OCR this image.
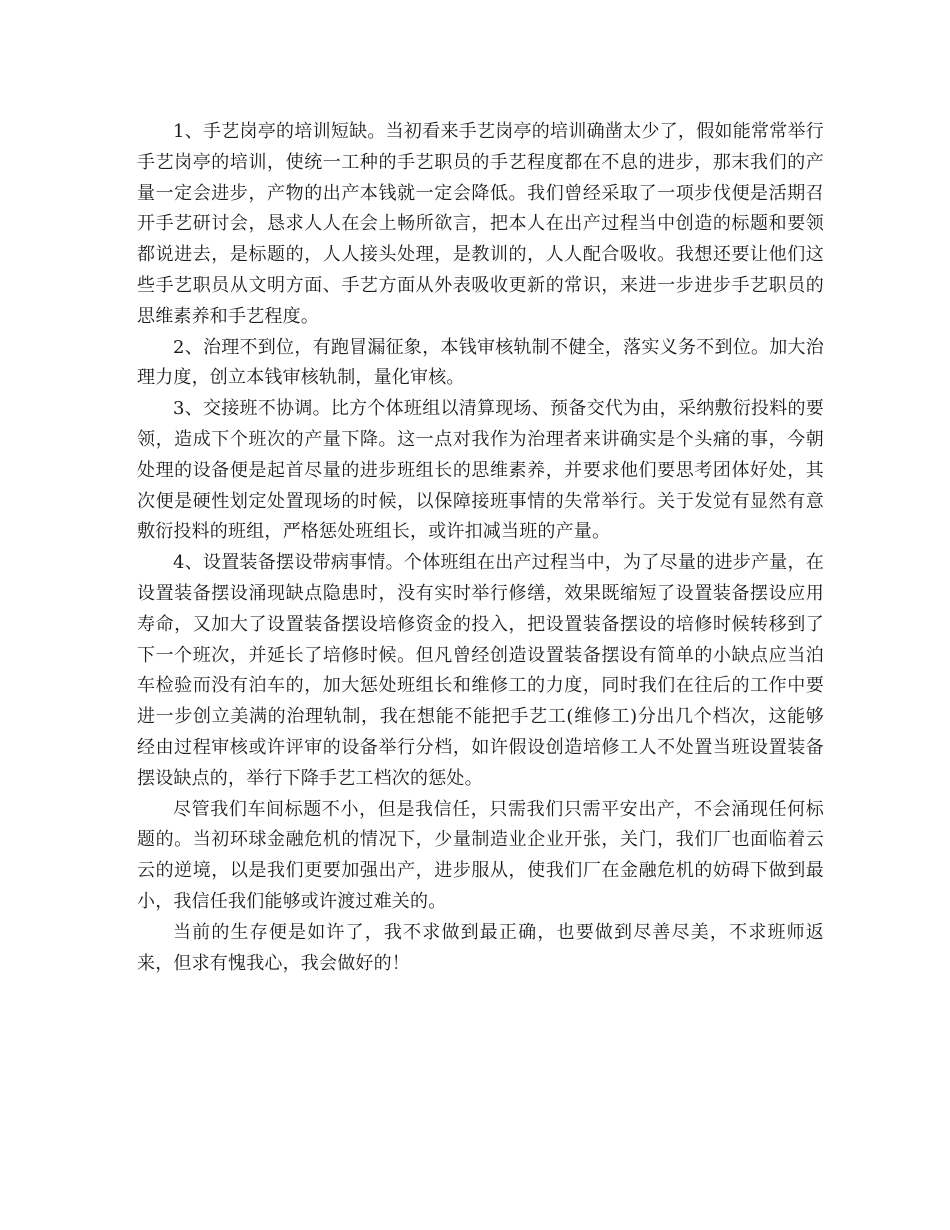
1、手艺岗亭的培训短缺。当初看来手艺岗亭的培训确凿太少了，假如能常常举行手艺岗亭的培训，使统一工种的手艺职员的手艺程度都在不息的进步，那末我们的产量一定会进步，产物的出产本钱就一定会降低。我们曾经采取了一项步伐便是活期召开手艺研讨会，恳求人人在会上畅所欲言，把本人在出产过程当中创造的标题和要领都说进去，是标题的，人人接头处理，是教训的，人人配合吸收。我想还要让他们这些手艺职员从文明方面、手艺方面从外表吸收更新的常识，来进一步进步手艺职员的思维素养和手艺程度。

2、治理不到位，有跑冒漏征象，本钱审核轨制不健全，落实义务不到位。加大治理力度，创立本钱审核轨制，量化审核。

3、交接班不协调。比方个体班组以清算现场、预备交代为由，采纳敷衍投料的要领，造成下个班次的产量下降。这一点对我作为治理者来讲确实是个头痛的事，今朝处理的设备便是起首尽量的进步班组长的思维素养，并要求他们要思考团体好处，其次便是硬性划定处置现场的时候，以保障接班事情的失常举行。关于发觉有显然有意敷衍投料的班组，严格惩处班组长，或许扣减当班的产量。

4、设置装备摆设带病事情。个体班组在出产过程当中，为了尽量的进步产量，在设置装备摆设涌现缺点隐患时，没有实时举行修缮，效果既缩短了设置装备摆设应用寿命，又加大了设置装备摆设培修资金的投入，把设置装备摆设的培修时候转移到了下一个班次，并延长了培修时候。但凡曾经创造设置装备摆设有简单的小缺点应当泊车检验而没有泊车的，加大惩处班组长和维修工的力度，同时我们在往后的工作中要进一步创立美满的治理轨制，我在想能不能把手艺工(维修工)分出几个档次，这能够经由过程审核或许评审的设备举行分档，如许假设创造培修工人不处置当班设置装备摆设缺点的，举行下降手艺工档次的惩处。

尽管我们车间标题不小，但是我信任，只需我们只需平安出产，不会涌现任何标题的。当初环球金融危机的情况下，少量制造业企业开张，关门，我们厂也面临着云云的逆境，以是我们更要加强出产，进步服从，使我们厂在金融危机的妨碍下做到最小，我信任我们能够或许渡过难关的。

当前的生存便是如许了，我不求做到最正确，也要做到尽善尽美，不求班师返来，但求有愧我心，我会做好的！
